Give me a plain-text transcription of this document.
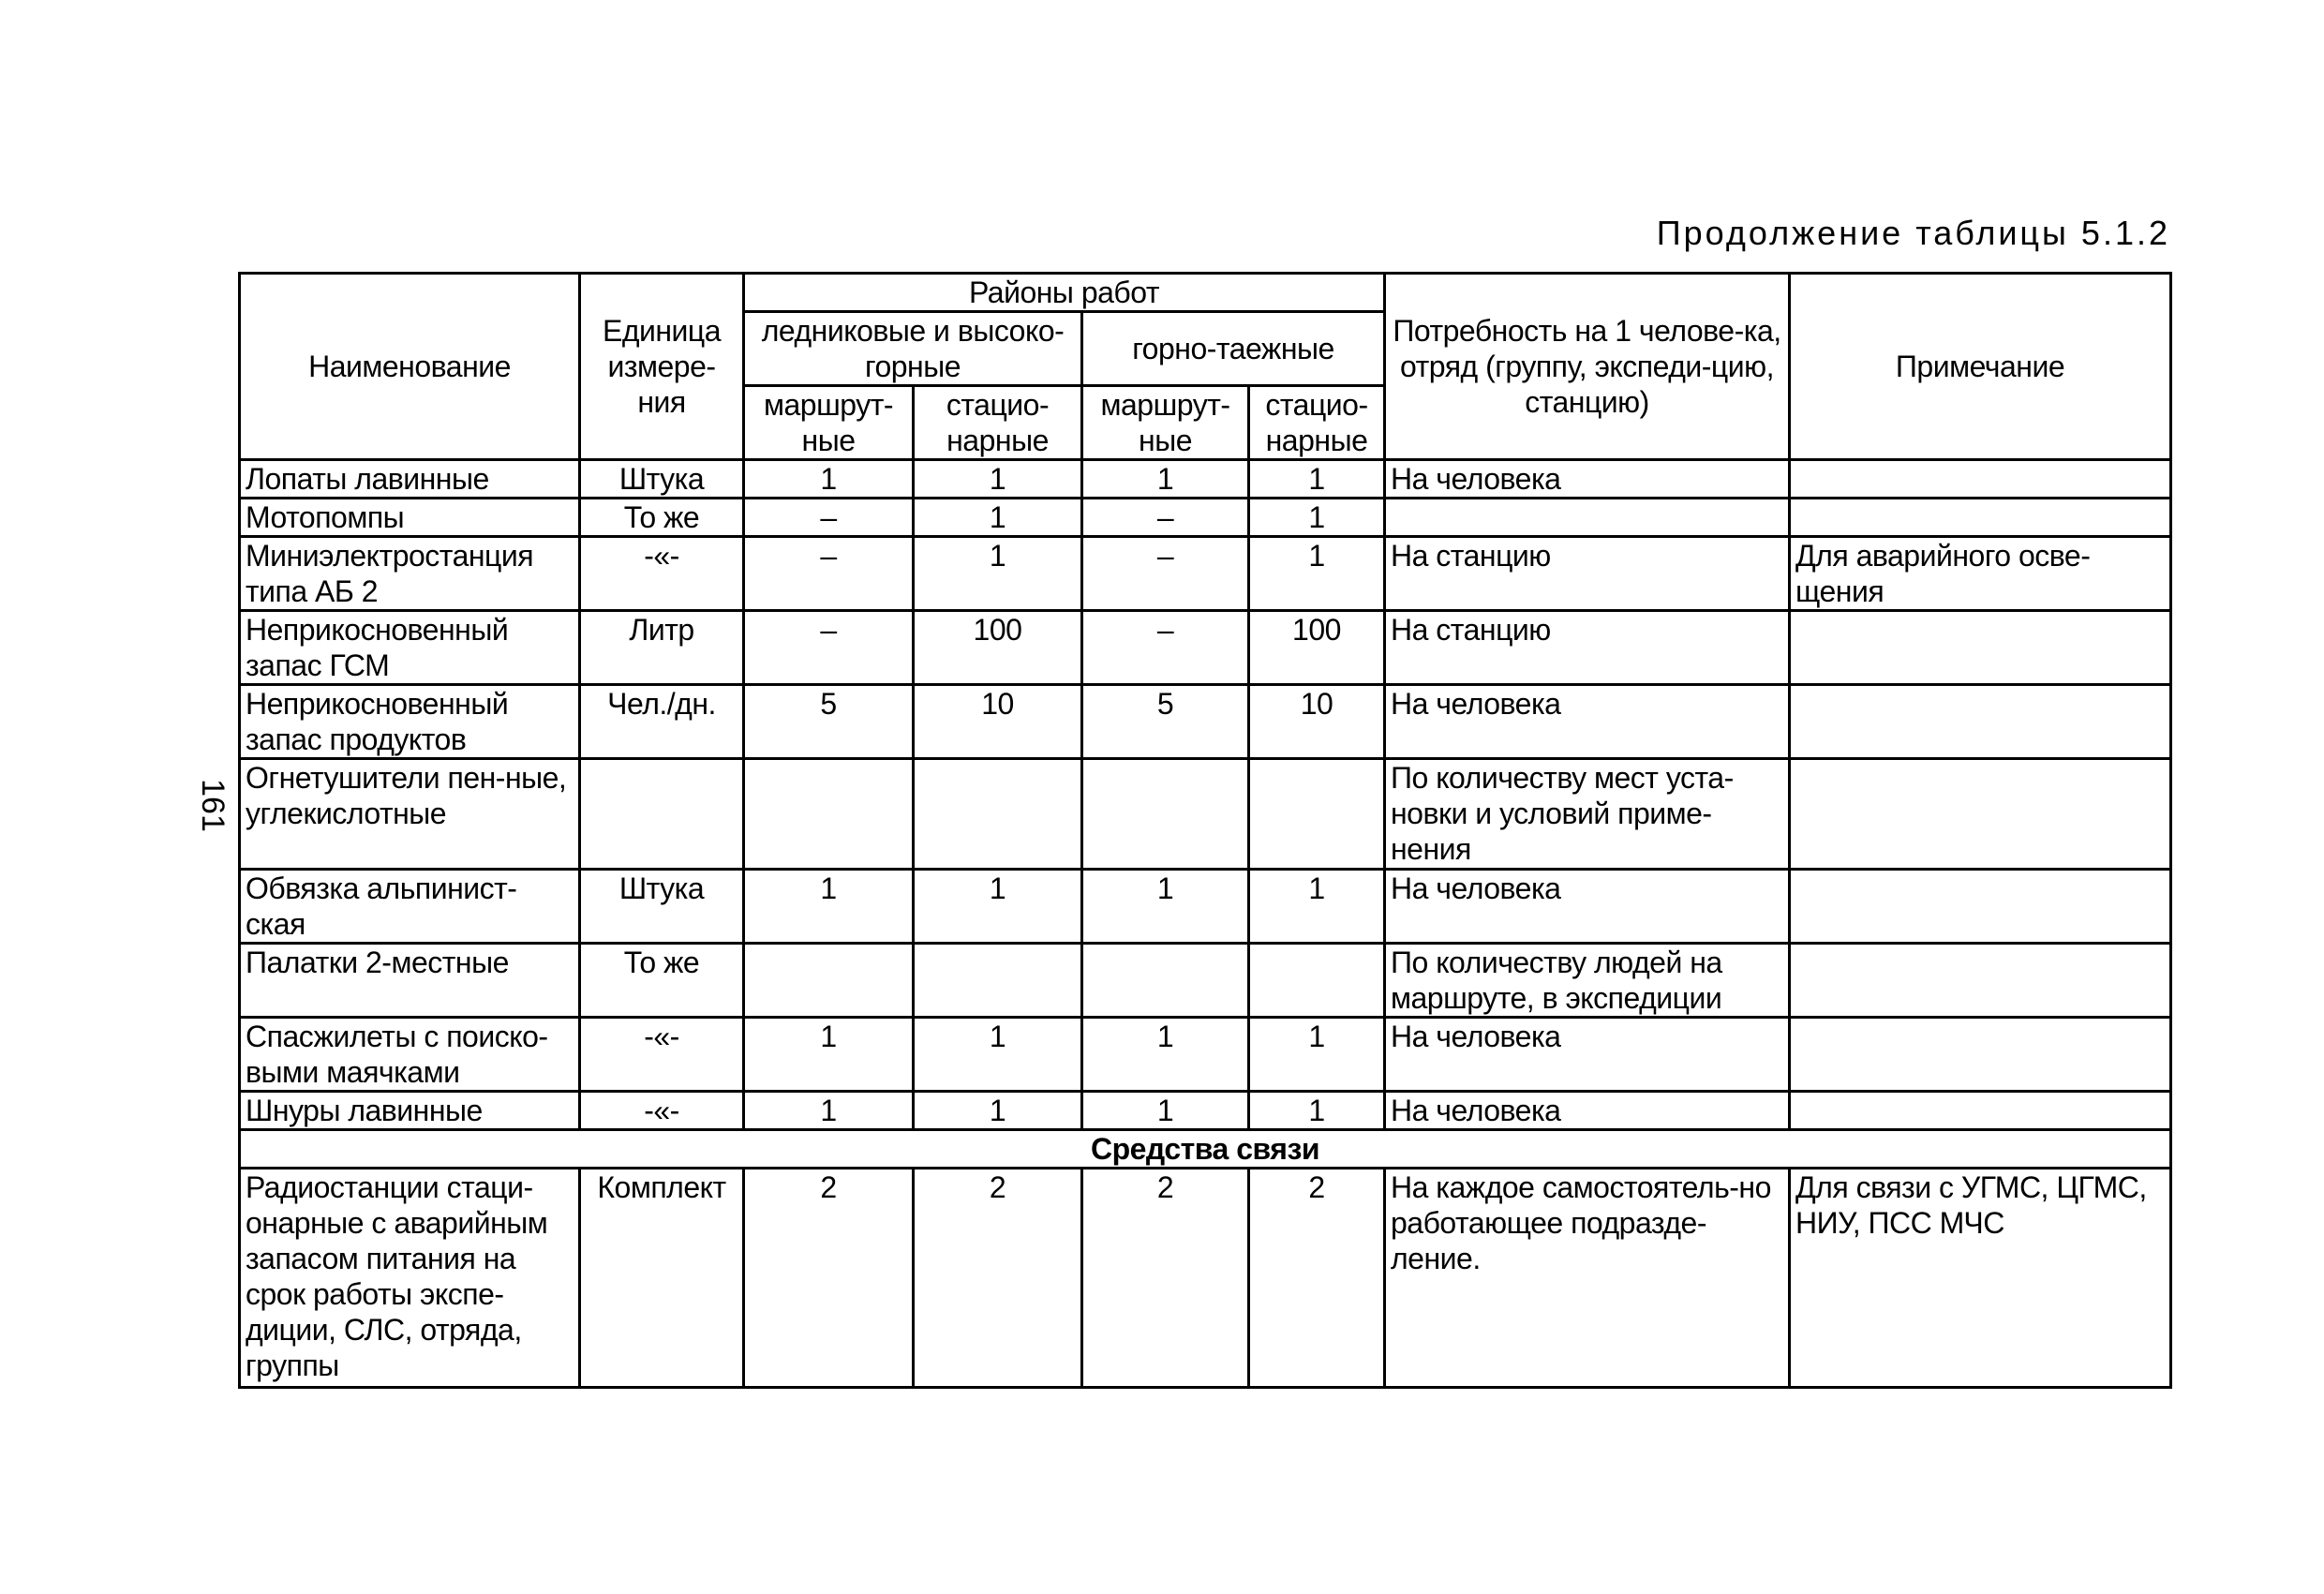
Продолжение таблицы 5.1.2
161
Наименование	Единица измере-ния	Районы работ				Потребность на 1 челове-ка, отряд (группу, экспеди-цию, станцию)	Примечание
		ледниковые и высоко-горные		горно-таежные			
		маршрут-ные	стацио-нарные	маршрут-ные	стацио-нарные		
Лопаты лавинные	Штука	1	1	1	1	На человека	
Мотопомпы	То же	–	1	–	1		
Миниэлектростанция типа АБ 2	-«-	–	1	–	1	На станцию	Для аварийного осве-щения
Неприкосновенный запас ГСМ	Литр	–	100	–	100	На станцию	
Неприкосновенный запас продуктов	Чел./дн.	5	10	5	10	На человека	
Огнетушители пен-ные, углекислотные						По количеству мест уста-новки и условий приме-нения	
Обвязка альпинист-ская	Штука	1	1	1	1	На человека	
Палатки 2-местные	То же					По количеству людей на маршруте, в экспедиции	
Спасжилеты с поиско-выми маячками	-«-	1	1	1	1	На человека	
Шнуры лавинные	-«-	1	1	1	1	На человека	
Средства связи							
Радиостанции стаци-онарные с аварийным запасом питания на срок работы экспе-диции, СЛС, отряда, группы	Комплект	2	2	2	2	На каждое самостоятель-но работающее подразде-ление.	Для связи с УГМС, ЦГМС, НИУ, ПСС МЧС
